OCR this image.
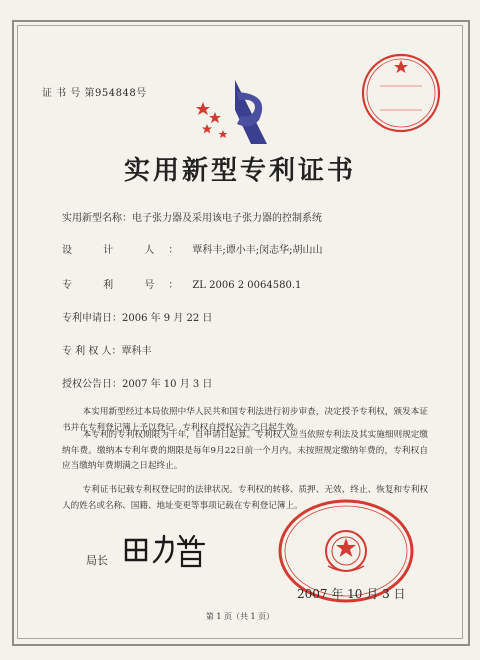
证 书 号 第954848号
实用新型专利证书
实用新型名称：电子张力器及采用该电子张力器的控制系统
设 计 人：覃科丰;谭小丰;闵志华;胡山山
专 利 号：ZL 2006 2 0064580.1
专利申请日：2006 年 9 月 22 日
专 利 权 人：覃科丰
授权公告日：2007 年 10 月 3 日
本实用新型经过本局依照中华人民共和国专利法进行初步审查，决定授予专利权，颁发本证书并在专利登记簿上予以登记。专利权自授权公告之日起生效。
本专利的专利权期限为十年，自申请日起算。专利权人应当依照专利法及其实施细则规定缴纳年费。缴纳本专利年费的期限是每年9月22日前一个月内。未按照规定缴纳年费的，专利权自应当缴纳年费期满之日起终止。
专利证书记载专利权登记时的法律状况。专利权的转移、质押、无效、终止、恢复和专利权人的姓名或名称、国籍、地址变更等事项记载在专利登记簿上。
局长
2007 年 10 月 3 日
第 1 页（共 1 页）
